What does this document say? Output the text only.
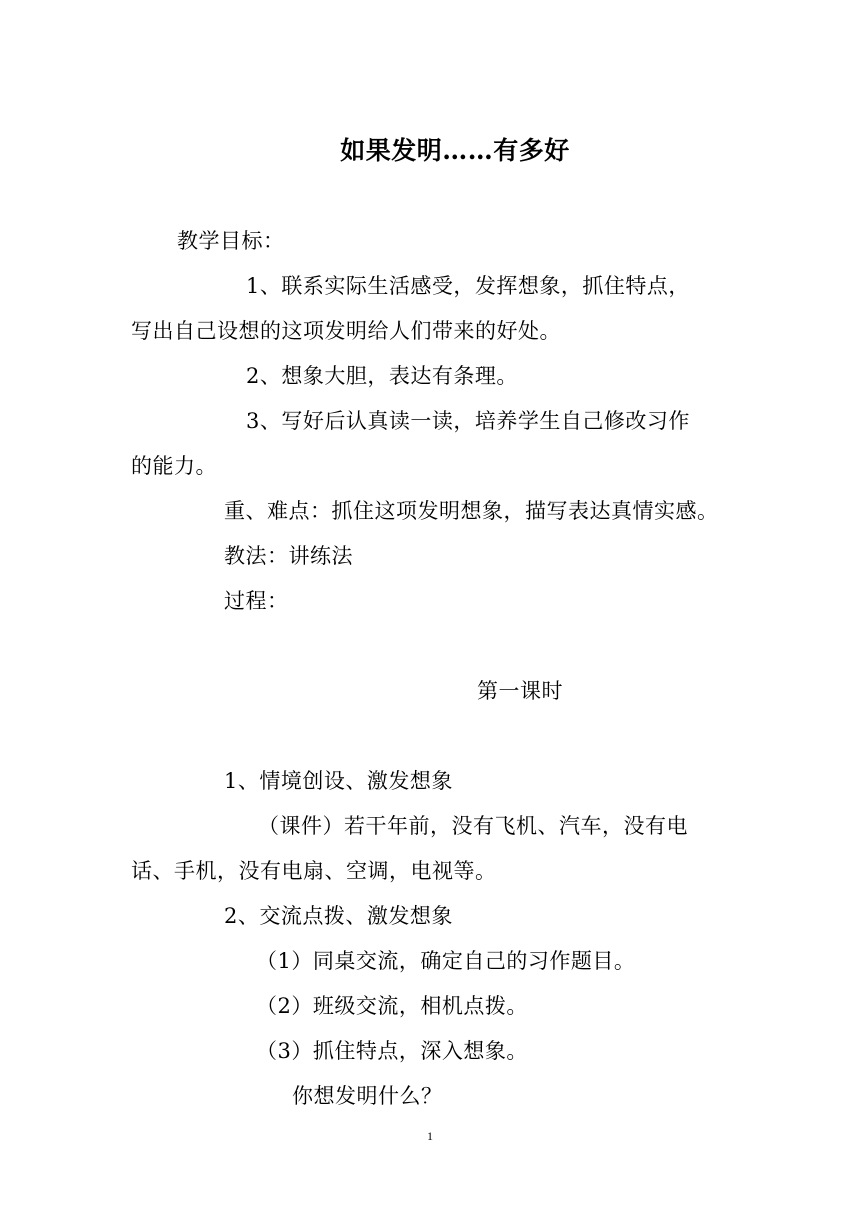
如果发明……有多好
教学目标：
1、联系实际生活感受，发挥想象，抓住特点，
写出自己设想的这项发明给人们带来的好处。
2、想象大胆，表达有条理。
3、写好后认真读一读，培养学生自己修改习作
的能力。
重、难点：抓住这项发明想象，描写表达真情实感。
教法：讲练法
过程：
第一课时
1、情境创设、激发想象
（课件）若干年前，没有飞机、汽车，没有电
话、手机，没有电扇、空调，电视等。
2、交流点拨、激发想象
（1）同桌交流，确定自己的习作题目。
（2）班级交流，相机点拨。
（3）抓住特点，深入想象。
你想发明什么？
1
